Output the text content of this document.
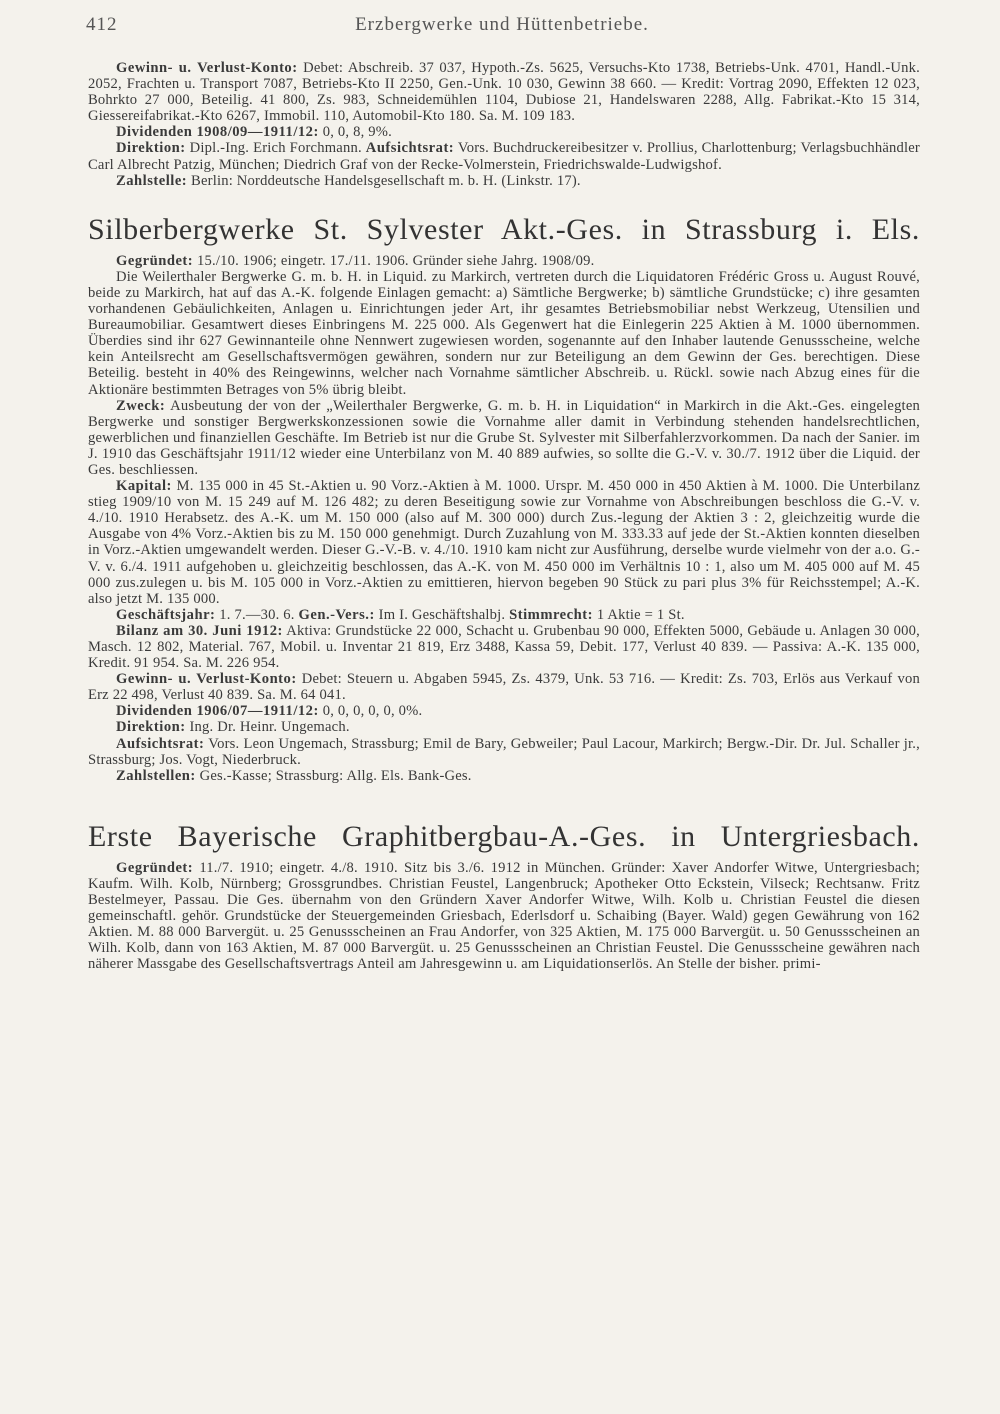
412	Erzbergwerke und Hüttenbetriebe.

Gewinn- u. Verlust-Konto: Debet: Abschreib. 37 037, Hypoth.-Zs. 5625, Versuchs-Kto 1738, Betriebs-Unk. 4701, Handl.-Unk. 2052, Frachten u. Transport 7087, Betriebs-Kto II 2250, Gen.-Unk. 10 030, Gewinn 38 660. — Kredit: Vortrag 2090, Effekten 12 023, Bohrkto 27 000, Beteilig. 41 800, Zs. 983, Schneidemühlen 1104, Dubiose 21, Handelswaren 2288, Allg. Fabrikat.-Kto 15 314, Giessereifabrikat.-Kto 6267, Immobil. 110, Automobil-Kto 180. Sa. M. 109 183.

Dividenden 1908/09—1911/12: 0, 0, 8, 9%.

Direktion: Dipl.-Ing. Erich Forchmann. Aufsichtsrat: Vors. Buchdruckereibesitzer v. Prollius, Charlottenburg; Verlagsbuchhändler Carl Albrecht Patzig, München; Diedrich Graf von der Recke-Volmerstein, Friedrichswalde-Ludwigshof.

Zahlstelle: Berlin: Norddeutsche Handelsgesellschaft m. b. H. (Linkstr. 17).

Silberbergwerke St. Sylvester Akt.-Ges. in Strassburg i. Els.

Gegründet: 15./10. 1906; eingetr. 17./11. 1906. Gründer siehe Jahrg. 1908/09.

Die Weilerthaler Bergwerke G. m. b. H. in Liquid. zu Markirch, vertreten durch die Liquidatoren Frédéric Gross u. August Rouvé, beide zu Markirch, hat auf das A.-K. folgende Einlagen gemacht: a) Sämtliche Bergwerke; b) sämtliche Grundstücke; c) ihre gesamten vorhandenen Gebäulichkeiten, Anlagen u. Einrichtungen jeder Art, ihr gesamtes Betriebsmobiliar nebst Werkzeug, Utensilien und Bureaumobiliar. Gesamtwert dieses Einbringens M. 225 000. Als Gegenwert hat die Einlegerin 225 Aktien à M. 1000 übernommen. Überdies sind ihr 627 Gewinnanteile ohne Nennwert zugewiesen worden, sogenannte auf den Inhaber lautende Genussscheine, welche kein Anteilsrecht am Gesellschaftsvermögen gewähren, sondern nur zur Beteiligung an dem Gewinn der Ges. berechtigen. Diese Beteilig. besteht in 40% des Reingewinns, welcher nach Vornahme sämtlicher Abschreib. u. Rückl. sowie nach Abzug eines für die Aktionäre bestimmten Betrages von 5% übrig bleibt.

Zweck: Ausbeutung der von der „Weilerthaler Bergwerke, G. m. b. H. in Liquidation“ in Markirch in die Akt.-Ges. eingelegten Bergwerke und sonstiger Bergwerkskonzessionen sowie die Vornahme aller damit in Verbindung stehenden handelsrechtlichen, gewerblichen und finanziellen Geschäfte. Im Betrieb ist nur die Grube St. Sylvester mit Silberfahlerzvorkommen. Da nach der Sanier. im J. 1910 das Geschäftsjahr 1911/12 wieder eine Unterbilanz von M. 40 889 aufwies, so sollte die G.-V. v. 30./7. 1912 über die Liquid. der Ges. beschliessen.

Kapital: M. 135 000 in 45 St.-Aktien u. 90 Vorz.-Aktien à M. 1000. Urspr. M. 450 000 in 450 Aktien à M. 1000. Die Unterbilanz stieg 1909/10 von M. 15 249 auf M. 126 482; zu deren Beseitigung sowie zur Vornahme von Abschreibungen beschloss die G.-V. v. 4./10. 1910 Herabsetz. des A.-K. um M. 150 000 (also auf M. 300 000) durch Zus.-legung der Aktien 3 : 2, gleichzeitig wurde die Ausgabe von 4% Vorz.-Aktien bis zu M. 150 000 genehmigt. Durch Zuzahlung von M. 333.33 auf jede der St.-Aktien konnten dieselben in Vorz.-Aktien umgewandelt werden. Dieser G.-V.-B. v. 4./10. 1910 kam nicht zur Ausführung, derselbe wurde vielmehr von der a.o. G.-V. v. 6./4. 1911 aufgehoben u. gleichzeitig beschlossen, das A.-K. von M. 450 000 im Verhältnis 10 : 1, also um M. 405 000 auf M. 45 000 zus.zulegen u. bis M. 105 000 in Vorz.-Aktien zu emittieren, hiervon begeben 90 Stück zu pari plus 3% für Reichsstempel; A.-K. also jetzt M. 135 000.

Geschäftsjahr: 1. 7.—30. 6. Gen.-Vers.: Im I. Geschäftshalbj. Stimmrecht: 1 Aktie = 1 St.

Bilanz am 30. Juni 1912: Aktiva: Grundstücke 22 000, Schacht u. Grubenbau 90 000, Effekten 5000, Gebäude u. Anlagen 30 000, Masch. 12 802, Material. 767, Mobil. u. Inventar 21 819, Erz 3488, Kassa 59, Debit. 177, Verlust 40 839. — Passiva: A.-K. 135 000, Kredit. 91 954. Sa. M. 226 954.

Gewinn- u. Verlust-Konto: Debet: Steuern u. Abgaben 5945, Zs. 4379, Unk. 53 716. — Kredit: Zs. 703, Erlös aus Verkauf von Erz 22 498, Verlust 40 839. Sa. M. 64 041.

Dividenden 1906/07—1911/12: 0, 0, 0, 0, 0, 0%.

Direktion: Ing. Dr. Heinr. Ungemach.

Aufsichtsrat: Vors. Leon Ungemach, Strassburg; Emil de Bary, Gebweiler; Paul Lacour, Markirch; Bergw.-Dir. Dr. Jul. Schaller jr., Strassburg; Jos. Vogt, Niederbruck.

Zahlstellen: Ges.-Kasse; Strassburg: Allg. Els. Bank-Ges.

Erste Bayerische Graphitbergbau-A.-Ges. in Untergriesbach.

Gegründet: 11./7. 1910; eingetr. 4./8. 1910. Sitz bis 3./6. 1912 in München. Gründer: Xaver Andorfer Witwe, Untergriesbach; Kaufm. Wilh. Kolb, Nürnberg; Grossgrundbes. Christian Feustel, Langenbruck; Apotheker Otto Eckstein, Vilseck; Rechtsanw. Fritz Bestelmeyer, Passau. Die Ges. übernahm von den Gründern Xaver Andorfer Witwe, Wilh. Kolb u. Christian Feustel die diesen gemeinschaftl. gehör. Grundstücke der Steuergemeinden Griesbach, Ederlsdorf u. Schaibing (Bayer. Wald) gegen Gewährung von 162 Aktien. M. 88 000 Barvergüt. u. 25 Genussscheinen an Frau Andorfer, von 325 Aktien, M. 175 000 Barvergüt. u. 50 Genussscheinen an Wilh. Kolb, dann von 163 Aktien, M. 87 000 Barvergüt. u. 25 Genussscheinen an Christian Feustel. Die Genussscheine gewähren nach näherer Massgabe des Gesellschaftsvertrags Anteil am Jahresgewinn u. am Liquidationserlös. An Stelle der bisher. primi-
